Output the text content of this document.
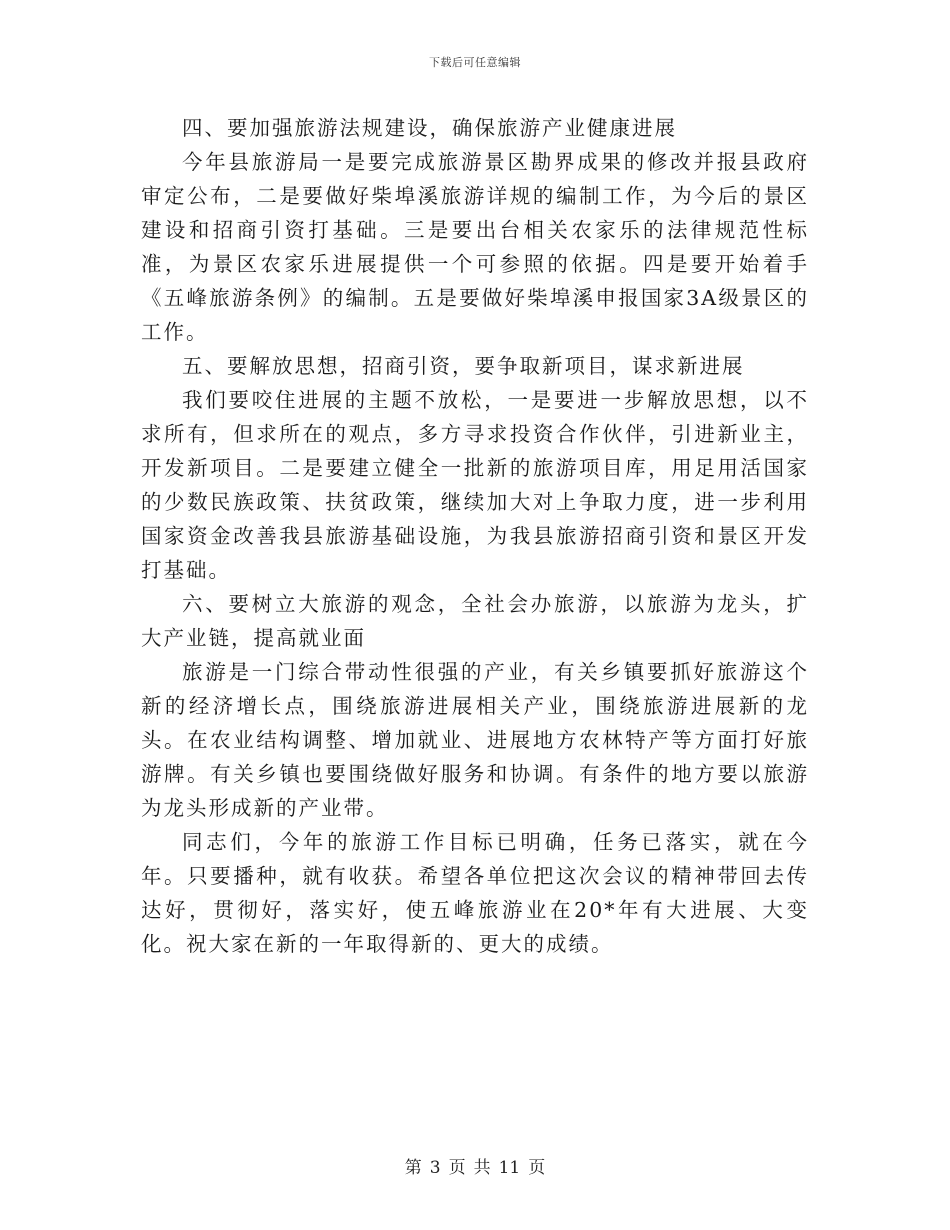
下载后可任意编辑

四、要加强旅游法规建设，确保旅游产业健康进展

今年县旅游局一是要完成旅游景区勘界成果的修改并报县政府审定公布，二是要做好柴埠溪旅游详规的编制工作，为今后的景区建设和招商引资打基础。三是要出台相关农家乐的法律规范性标准，为景区农家乐进展提供一个可参照的依据。四是要开始着手《五峰旅游条例》的编制。五是要做好柴埠溪申报国家3A级景区的工作。

五、要解放思想，招商引资，要争取新项目，谋求新进展

我们要咬住进展的主题不放松，一是要进一步解放思想，以不求所有，但求所在的观点，多方寻求投资合作伙伴，引进新业主，开发新项目。二是要建立健全一批新的旅游项目库，用足用活国家的少数民族政策、扶贫政策，继续加大对上争取力度，进一步利用国家资金改善我县旅游基础设施，为我县旅游招商引资和景区开发打基础。

六、要树立大旅游的观念，全社会办旅游，以旅游为龙头，扩大产业链，提高就业面

旅游是一门综合带动性很强的产业，有关乡镇要抓好旅游这个新的经济增长点，围绕旅游进展相关产业，围绕旅游进展新的龙头。在农业结构调整、增加就业、进展地方农林特产等方面打好旅游牌。有关乡镇也要围绕做好服务和协调。有条件的地方要以旅游为龙头形成新的产业带。

同志们，今年的旅游工作目标已明确，任务已落实，就在今年。只要播种，就有收获。希望各单位把这次会议的精神带回去传达好，贯彻好，落实好，使五峰旅游业在20*年有大进展、大变化。祝大家在新的一年取得新的、更大的成绩。

第 3 页 共 11 页
